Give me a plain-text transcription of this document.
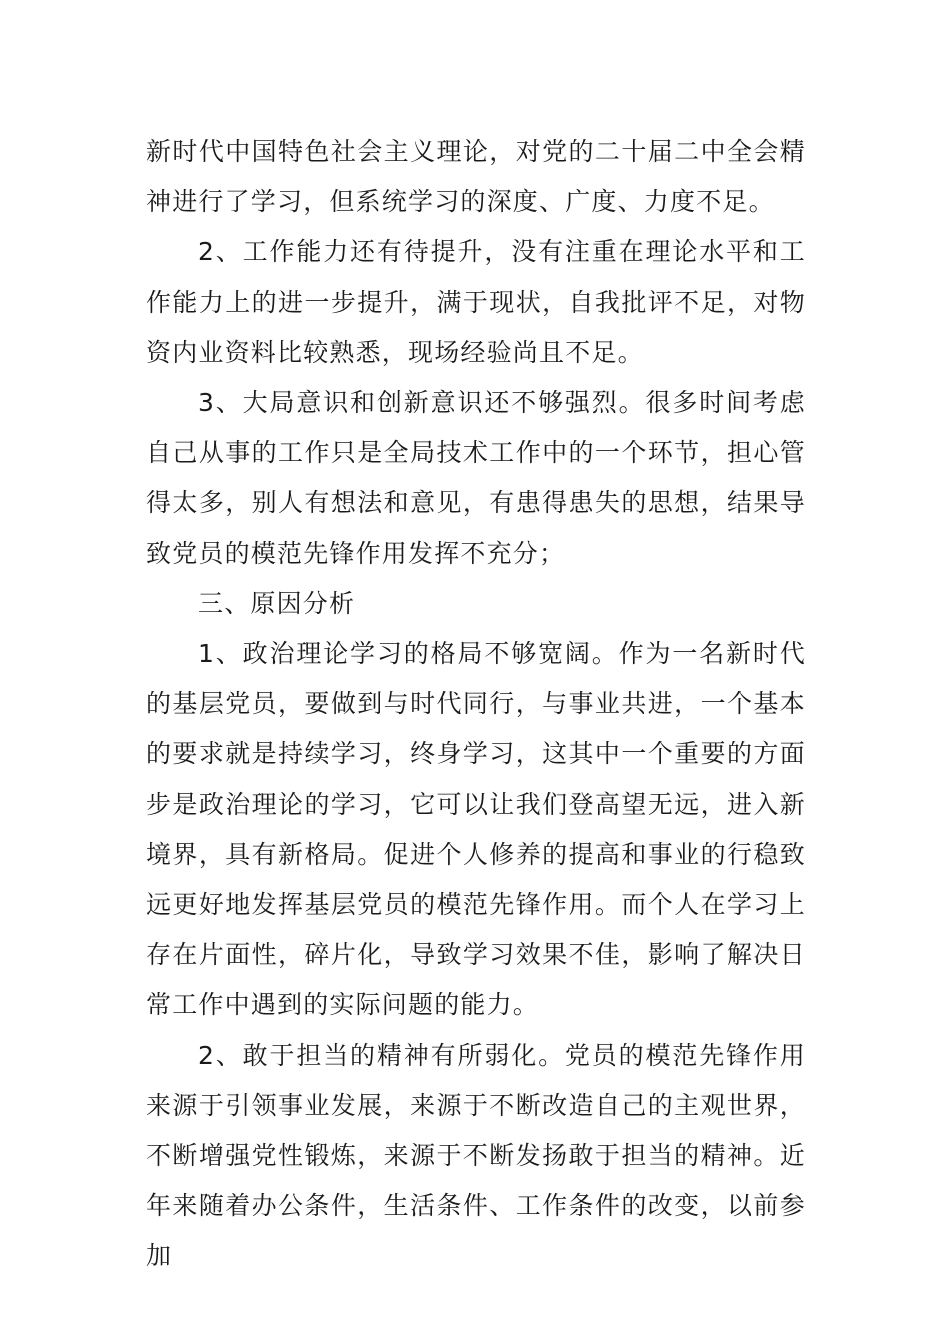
新时代中国特色社会主义理论，对党的二十届二中全会精神进行了学习，但系统学习的深度、广度、力度不足。

2、工作能力还有待提升，没有注重在理论水平和工作能力上的进一步提升，满于现状，自我批评不足，对物资内业资料比较熟悉，现场经验尚且不足。

3、大局意识和创新意识还不够强烈。很多时间考虑自己从事的工作只是全局技术工作中的一个环节，担心管得太多，别人有想法和意见，有患得患失的思想，结果导致党员的模范先锋作用发挥不充分；

三、原因分析

1、政治理论学习的格局不够宽阔。作为一名新时代的基层党员，要做到与时代同行，与事业共进，一个基本的要求就是持续学习，终身学习，这其中一个重要的方面步是政治理论的学习，它可以让我们登高望无远，进入新境界，具有新格局。促进个人修养的提高和事业的行稳致远更好地发挥基层党员的模范先锋作用。而个人在学习上存在片面性，碎片化，导致学习效果不佳，影响了解决日常工作中遇到的实际问题的能力。

2、敢于担当的精神有所弱化。党员的模范先锋作用来源于引领事业发展，来源于不断改造自己的主观世界，不断增强党性锻炼，来源于不断发扬敢于担当的精神。近年来随着办公条件，生活条件、工作条件的改变，以前参加
